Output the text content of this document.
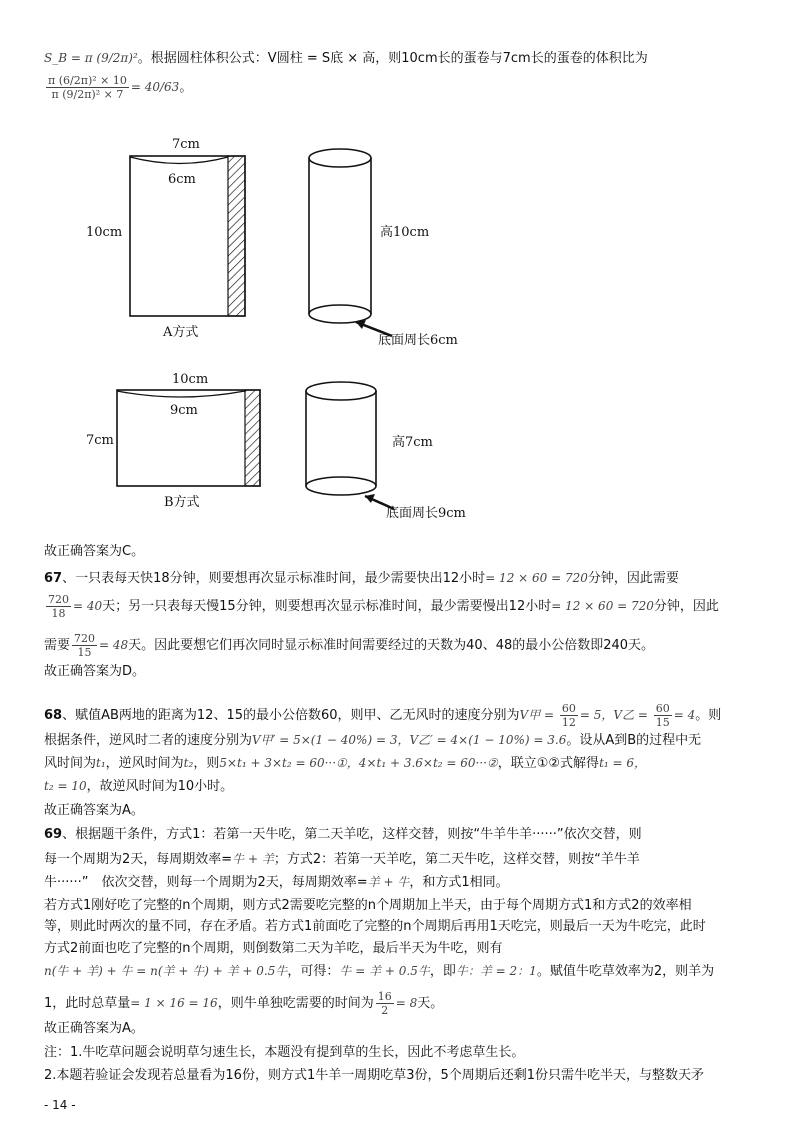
S_B = π (9/2π)²。根据圆柱体积公式：V圆柱 = S底 × 高，则10cm长的蛋卷与7cm长的蛋卷的体积比为
$\frac{\text{π (6/2π)² × 10}}{\text{π (9/2π)² × 7}} = 40/63$。
7cm
6cm
10cm
A方式
高10cm
底面周长6cm
10cm
9cm
7cm
B方式
高7cm
底面周长9cm
故正确答案为C。
67、一只表每天快18分钟，则要想再次显示标准时间，最少需要快出12小时= 12 × 60 = 720分钟，因此需要
$\frac{720}{18} = 40$天；另一只表每天慢15分钟，则要想再次显示标准时间，最少需要慢出12小时= 12 × 60 = 720分钟，因此
需要 $\frac{720}{15} = 48$天。因此要想它们再次同时显示标准时间需要经过的天数为40、48的最小公倍数即240天。
故正确答案为D。
68、赋值AB两地的距离为12、15的最小公倍数60，则甲、乙无风时的速度分别为V甲 = $\frac{60}{12} = 5$，V乙 = $\frac{60}{15} = 4$。则
根据条件，逆风时二者的速度分别为V甲′ = 5×(1 − 40%) = 3，V乙′ = 4×(1 − 10%) = 3.6。设从A到B的过程中无
风时间为t₁，逆风时间为t₂，则5×t₁ + 3×t₂ = 60···①，4×t₁ + 3.6×t₂ = 60···②，联立①②式解得t₁ = 6，
t₂ = 10，故逆风时间为10小时。
故正确答案为A。
69、根据题干条件，方式1：若第一天牛吃，第二天羊吃，这样交替，则按“牛羊牛羊······”依次交替，则
每一个周期为2天，每周期效率=牛 + 羊；方式2：若第一天羊吃，第二天牛吃，这样交替，则按“羊牛羊
牛······”　依次交替，则每一个周期为2天，每周期效率=羊 + 牛，和方式1相同。
若方式1刚好吃了完整的n个周期，则方式2需要吃完整的n个周期加上半天，由于每个周期方式1和方式2的效率相
等，则此时两次的量不同，存在矛盾。若方式1前面吃了完整的n个周期后再用1天吃完，则最后一天为牛吃完，此时
方式2前面也吃了完整的n个周期，则倒数第二天为羊吃，最后半天为牛吃，则有
n(牛 + 羊) + 牛 = n(羊 + 牛) + 羊 + 0.5牛，可得：牛 = 羊 + 0.5牛，即牛：羊 = 2：1。赋值牛吃草效率为2，则羊为
1，此时总草量= 1 × 16 = 16，则牛单独吃需要的时间为 $\frac{16}{2} = 8$天。
故正确答案为A。
注：1.牛吃草问题会说明草匀速生长，本题没有提到草的生长，因此不考虑草生长。
2.本题若验证会发现若总量看为16份，则方式1牛羊一周期吃草3份，5个周期后还剩1份只需牛吃半天，与整数天矛
- 14 -
